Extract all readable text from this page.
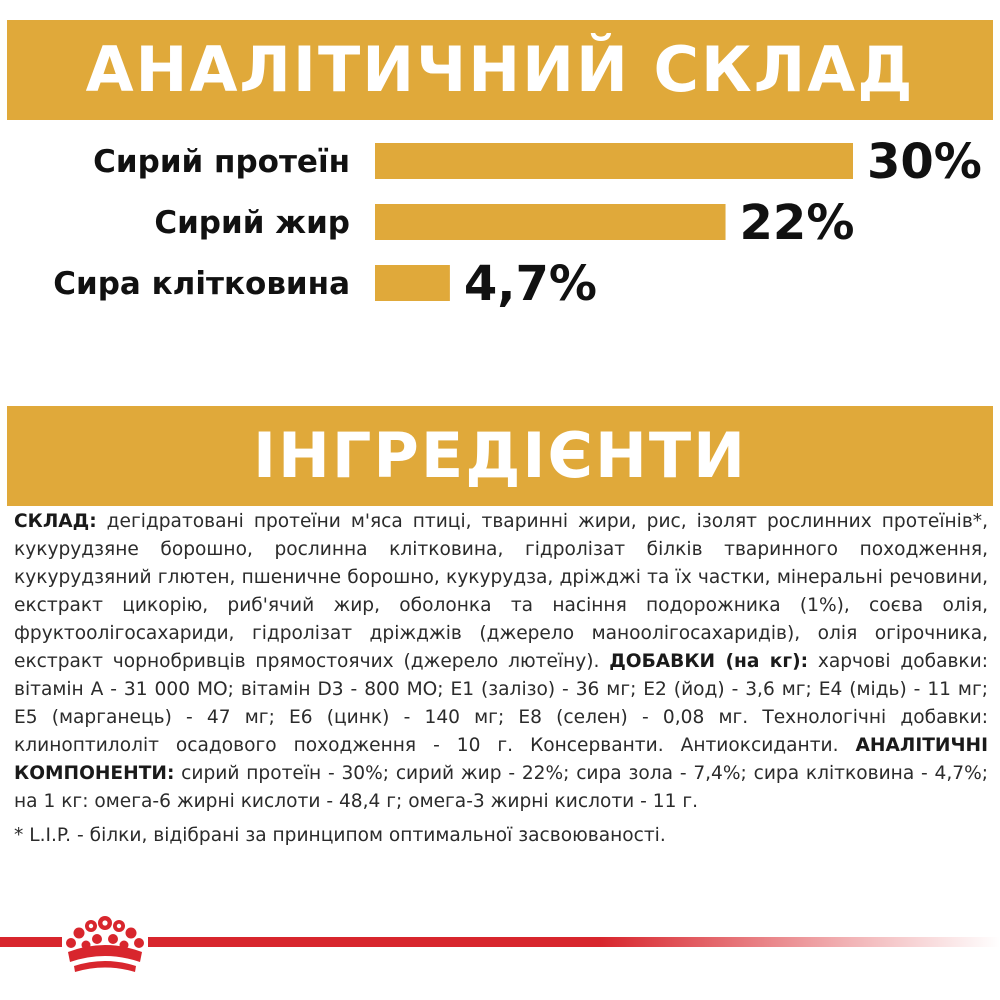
АНАЛІТИЧНИЙ СКЛАД
Сирий протеїн	30%
Сирий жир	22%
Сира клітковина 4,7%
ІНГРЕДІЄНТИ

СКЛАД: дегідратовані протеїни м'яса птиці, тваринні жири, рис, ізолят рослинних протеїнів*, кукурудзяне борошно, рослинна клітковина, гідролізат білків тваринного походження, кукурудзяний глютен, пшеничне борошно, кукурудза, дріжджі та їх частки, мінеральні речовини, екстракт цикорію, риб'ячий жир, оболонка та насіння подорожника (1%), соєва олія, фруктоолігосахариди, гідролізат дріжджів (джерело маноолігосахаридів), олія огірочника, екстракт чорнобривців прямостоячих (джерело лютеїну). ДОБАВКИ (на кг): харчові добавки: вітамін А - 31 000 МО; вітамін D3 - 800 МО; Е1 (залізо) - 36 мг; Е2 (йод) - 3,6 мг; Е4 (мідь) - 11 мг; Е5 (марганець) - 47 мг; Е6 (цинк) - 140 мг; Е8 (селен) - 0,08 мг. Технологічні добавки: клиноптилоліт осадового походження - 10 г. Консерванти. Антиоксиданти. АНАЛІТИЧНІ КОМПОНЕНТИ: сирий протеїн - 30%; сирий жир - 22%; сира зола - 7,4%; сира клітковина - 4,7%; на 1 кг: омега-6 жирні кислоти - 48,4 г; омега-3 жирні кислоти - 11 г.

* L.I.P. - білки, відібрані за принципом оптимальної засвоюваності.
